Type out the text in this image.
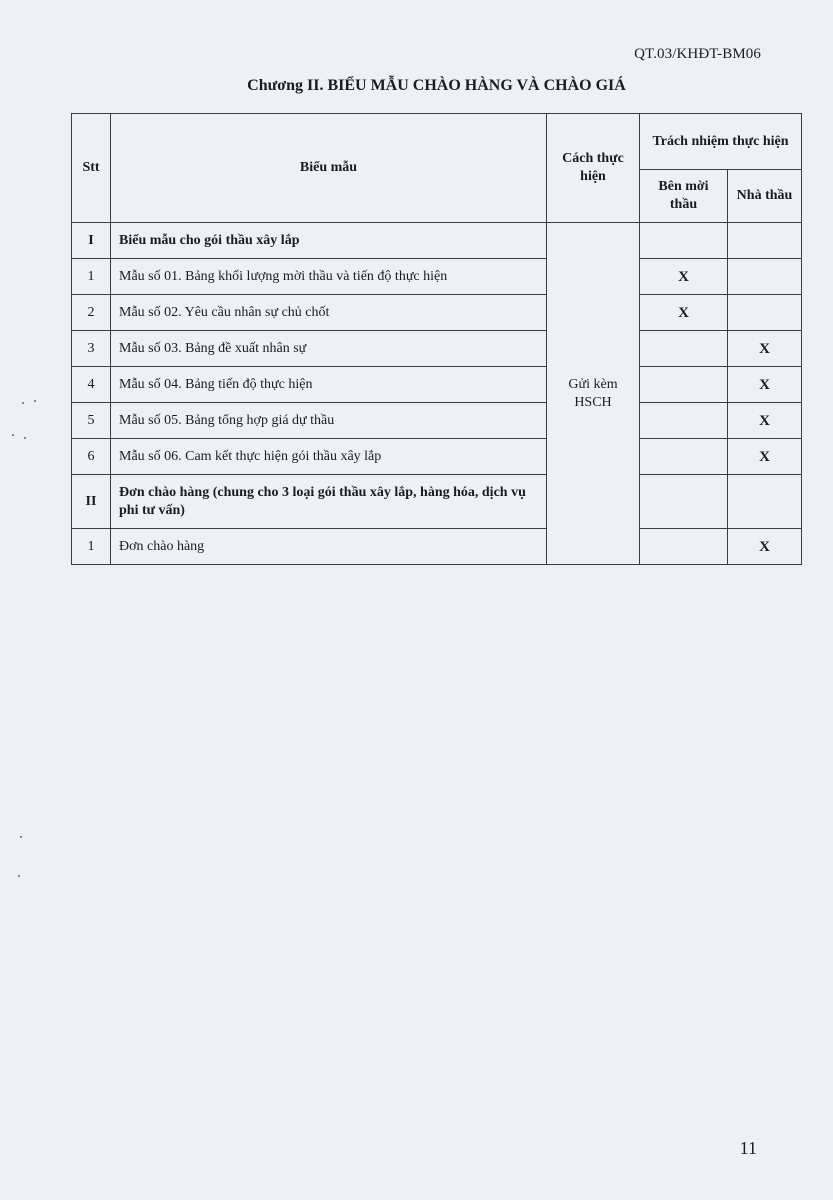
QT.03/KHĐT-BM06
Chương II. BIỂU MẪU CHÀO HÀNG VÀ CHÀO GIÁ
Stt	Biểu mẫu	Cách thực hiện	Trách nhiệm thực hiện	
			Bên mời thầu	Nhà thầu
I	Biểu mẫu cho gói thầu xây lắp	Gửi kèm HSCH		
1	Mẫu số 01. Bảng khối lượng mời thầu và tiến độ thực hiện		X	
2	Mẫu số 02. Yêu cầu nhân sự chủ chốt		X	
3	Mẫu số 03. Bảng đề xuất nhân sự			X
4	Mẫu số 04. Bảng tiến độ thực hiện			X
5	Mẫu số 05. Bảng tổng hợp giá dự thầu			X
6	Mẫu số 06. Cam kết thực hiện gói thầu xây lắp			X
II	Đơn chào hàng (chung cho 3 loại gói thầu xây lắp, hàng hóa, dịch vụ phi tư vấn)			
1	Đơn chào hàng			X
11
